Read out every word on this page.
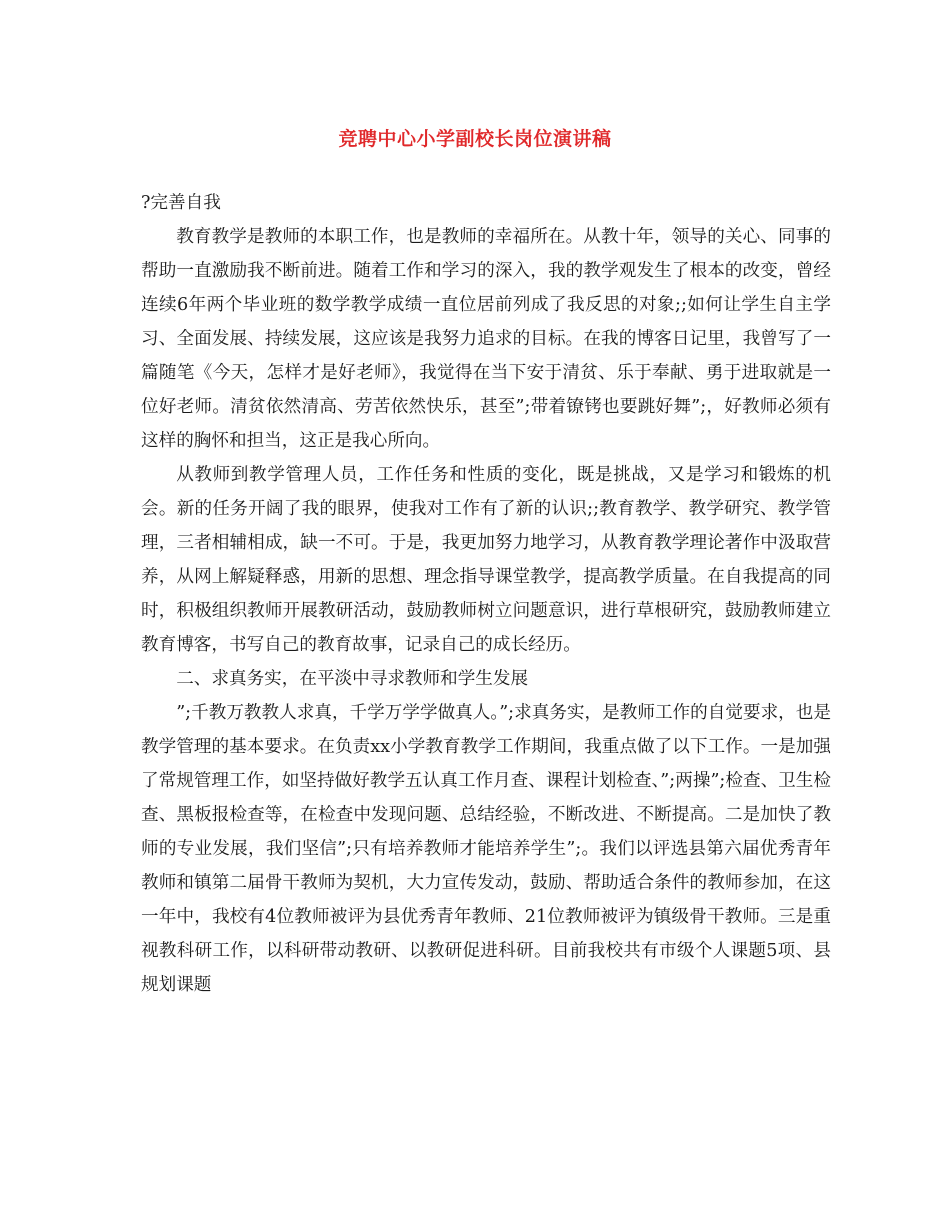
竞聘中心小学副校长岗位演讲稿

?完善自我

教育教学是教师的本职工作，也是教师的幸福所在。从教十年，领导的关心、同事的帮助一直激励我不断前进。随着工作和学习的深入，我的教学观发生了根本的改变，曾经连续6年两个毕业班的数学教学成绩一直位居前列成了我反思的对象;;如何让学生自主学习、全面发展、持续发展，这应该是我努力追求的目标。在我的博客日记里，我曾写了一篇随笔《今天，怎样才是好老师》，我觉得在当下安于清贫、乐于奉献、勇于进取就是一位好老师。清贫依然清高、劳苦依然快乐，甚至”;带着镣铐也要跳好舞”;，好教师必须有这样的胸怀和担当，这正是我心所向。

从教师到教学管理人员，工作任务和性质的变化，既是挑战，又是学习和锻炼的机会。新的任务开阔了我的眼界，使我对工作有了新的认识;;教育教学、教学研究、教学管理，三者相辅相成，缺一不可。于是，我更加努力地学习，从教育教学理论著作中汲取营养，从网上解疑释惑，用新的思想、理念指导课堂教学，提高教学质量。在自我提高的同时，积极组织教师开展教研活动，鼓励教师树立问题意识，进行草根研究，鼓励教师建立教育博客，书写自己的教育故事，记录自己的成长经历。

二、求真务实，在平淡中寻求教师和学生发展

”;千教万教教人求真，千学万学学做真人。”;求真务实，是教师工作的自觉要求，也是教学管理的基本要求。在负责xx小学教育教学工作期间，我重点做了以下工作。一是加强了常规管理工作，如坚持做好教学五认真工作月查、课程计划检查、”;两操”;检查、卫生检查、黑板报检查等，在检查中发现问题、总结经验，不断改进、不断提高。二是加快了教师的专业发展，我们坚信”;只有培养教师才能培养学生”;。我们以评选县第六届优秀青年教师和镇第二届骨干教师为契机，大力宣传发动，鼓励、帮助适合条件的教师参加，在这一年中，我校有4位教师被评为县优秀青年教师、21位教师被评为镇级骨干教师。三是重视教科研工作，以科研带动教研、以教研促进科研。目前我校共有市级个人课题5项、县规划课题
